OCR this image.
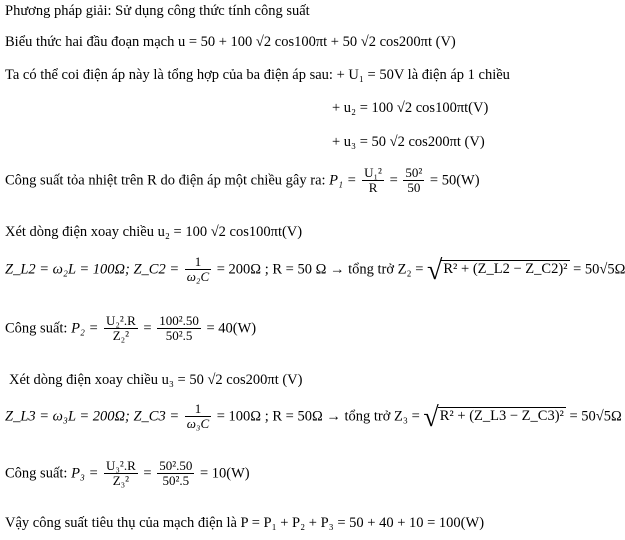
Phương pháp giải: Sử dụng công thức tính công suất
Biểu thức hai đầu đoạn mạch u = 50 + 100 √2 cos100πt + 50 √2 cos200πt (V)
Ta có thể coi điện áp này là tổng hợp của ba điện áp sau: + U₁ = 50V là điện áp 1 chiều
+ u₂ = 100 √2 cos100πt(V)
+ u₃ = 50 √2 cos200πt (V)
Công suất tỏa nhiệt trên R do điện áp một chiều gây ra: $P_1 = \frac{\text{U₁²}}{R} = \frac{\text{50²}}{50} = 50(W)$
Xét dòng điện xoay chiều u₂ = 100 √2 cos100πt(V)
Z_L2 = ω₂L = 100Ω; Z_C2 = $\frac{1}{\text{ω₂C}} = 200\Omega$ ; R = 50 Ω → tổng trở Z₂ = √R² + (Z_L2 − Z_C2)² = 50√5Ω
Công suất: $P_2 = \frac{\text{U₂².R}}{\text{Z₂²}} = \frac{\text{100².50}}{\text{50².5}} = 40(W)$
Xét dòng điện xoay chiều u₃ = 50 √2 cos200πt (V)
Z_L3 = ω₃L = 200Ω; Z_C3 = $\frac{1}{\text{ω₃C}} = 100\Omega$ ; R = 50Ω → tổng trở Z₃ = √R² + (Z_L3 − Z_C3)² = 50√5Ω
Công suất: $P_3 = \frac{\text{U₃².R}}{\text{Z₃²}} = \frac{\text{50².50}}{\text{50².5}} = 10(W)$
Vậy công suất tiêu thụ của mạch điện là P = P₁ + P₂ + P₃ = 50 + 40 + 10 = 100(W)
